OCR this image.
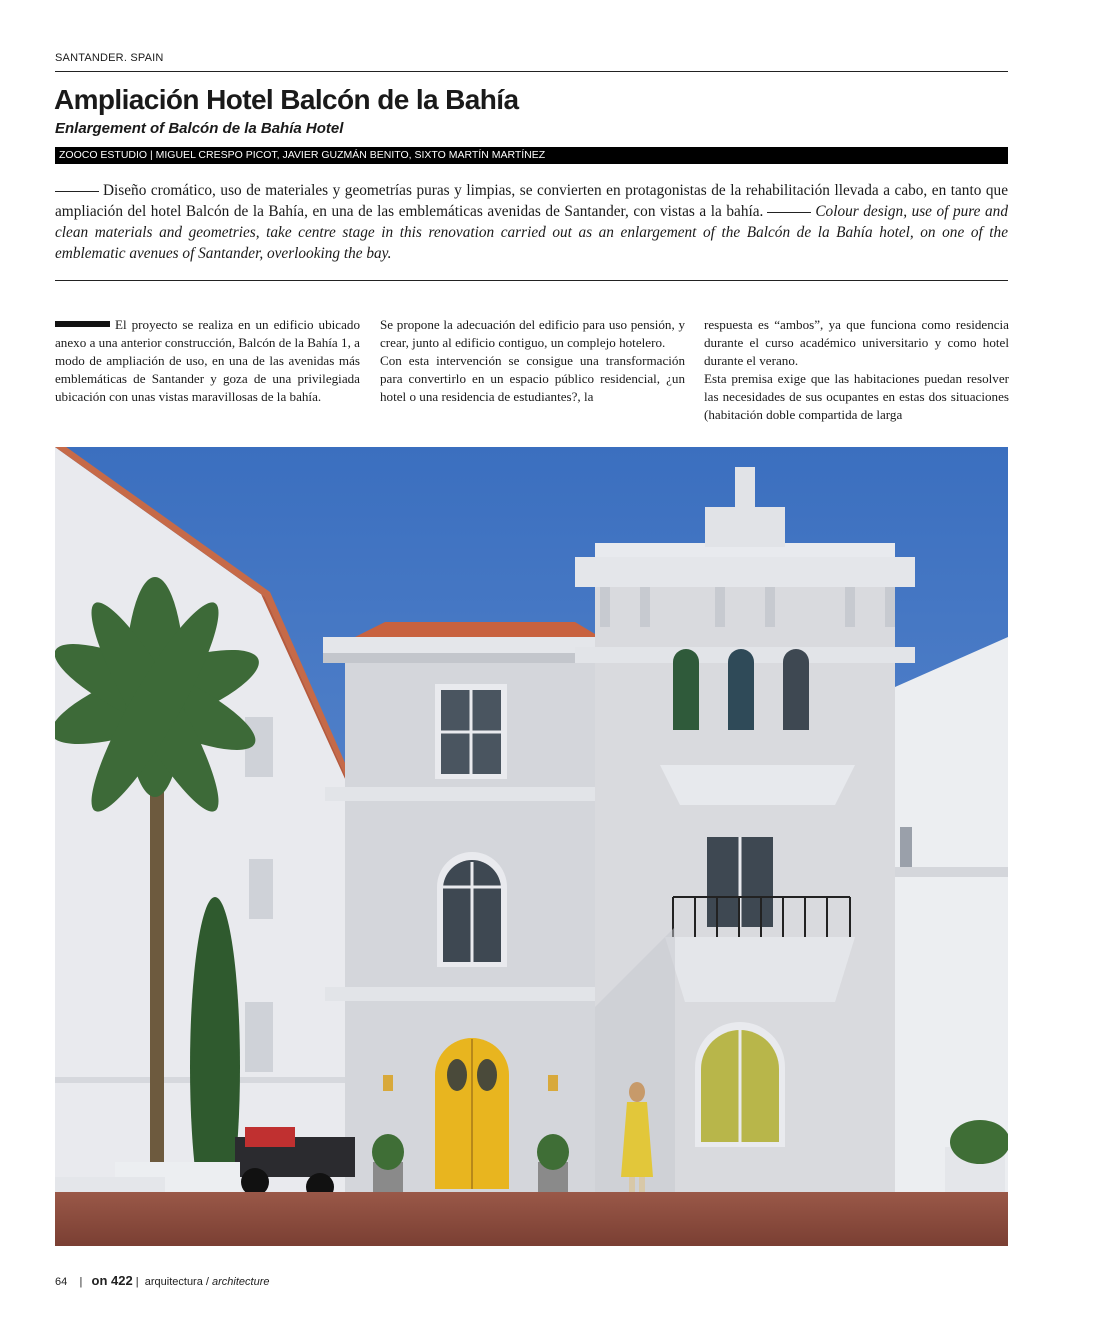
SANTANDER. SPAIN
Ampliación Hotel Balcón de la Bahía
Enlargement of Balcón de la Bahía Hotel
ZOOCO ESTUDIO | MIGUEL CRESPO PICOT, JAVIER GUZMÁN BENITO, SIXTO MARTÍN MARTÍNEZ

Diseño cromático, uso de materiales y geometrías puras y limpias, se convierten en protagonistas de la rehabilitación llevada a cabo, en tanto que ampliación del hotel Balcón de la Bahía, en una de las emblemáticas avenidas de Santander, con vistas a la bahía.	Colour design, use of pure and clean materials and geometries, take centre stage in this renovation carried out as an enlargement of the Balcón de la Bahía hotel, on one of the emblematic avenues of Santander, overlooking the bay.

El proyecto se realiza en un edificio ubicado anexo a una anterior construcción, Balcón de la Bahía 1, a modo de ampliación de uso, en una de las avenidas más emblemáticas de Santander y goza de una privilegiada ubicación con unas vistas maravillosas de la bahía.

Se propone la adecuación del edificio para uso pensión, y crear, junto al edificio contiguo, un complejo hotelero.

Con esta intervención se consigue una transformación para convertirlo en un espacio público residencial, ¿un hotel o una residencia de estudiantes?, la

respuesta es “ambos”, ya que funciona como residencia durante el curso académico universitario y como hotel durante el verano.

Esta premisa exige que las habitaciones puedan resolver las necesidades de sus ocupantes en estas dos situaciones (habitación doble compartida de larga

64 | on 422 | arquitectura / architecture
